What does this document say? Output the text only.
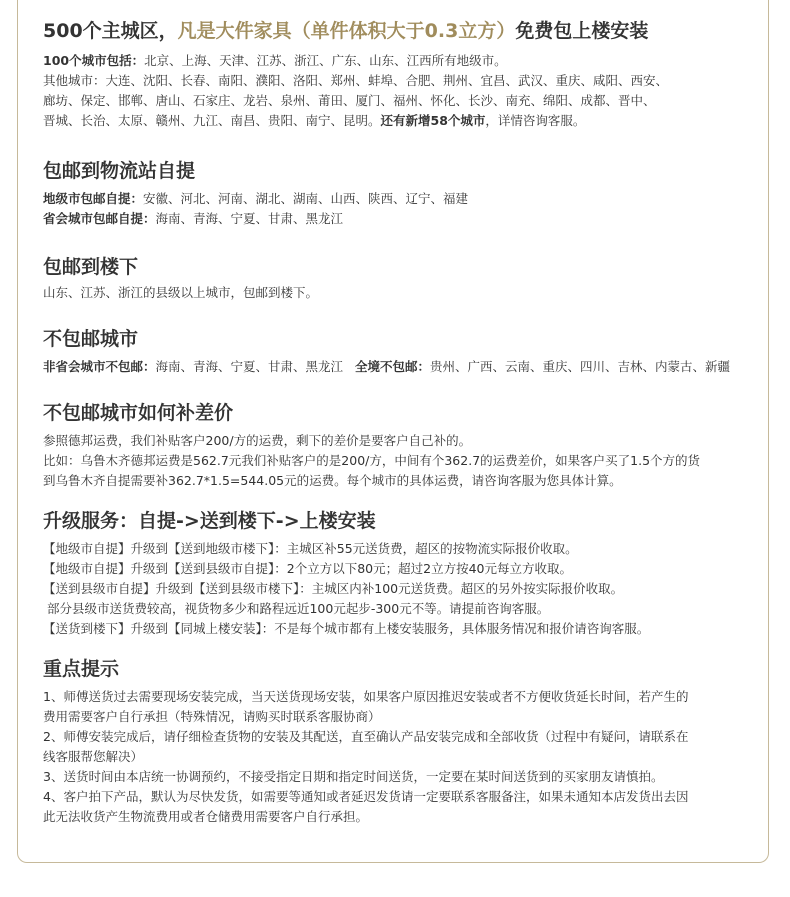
500个主城区，凡是大件家具（单件体积大于0.3立方）免费包上楼安装

100个城市包括：北京、上海、天津、江苏、浙江、广东、山东、江西所有地级市。

其他城市：大连、沈阳、长春、南阳、濮阳、洛阳、郑州、蚌埠、合肥、荆州、宜昌、武汉、重庆、咸阳、西安、

廊坊、保定、邯郸、唐山、石家庄、龙岩、泉州、莆田、厦门、福州、怀化、长沙、南充、绵阳、成都、晋中、

晋城、长治、太原、赣州、九江、南昌、贵阳、南宁、昆明。还有新增58个城市，详情咨询客服。

包邮到物流站自提

地级市包邮自提：安徽、河北、河南、湖北、湖南、山西、陕西、辽宁、福建

省会城市包邮自提：海南、青海、宁夏、甘肃、黑龙江

包邮到楼下

山东、江苏、浙江的县级以上城市，包邮到楼下。

不包邮城市

非省会城市不包邮：海南、青海、宁夏、甘肃、黑龙江 全境不包邮：贵州、广西、云南、重庆、四川、吉林、内蒙古、新疆

不包邮城市如何补差价

参照德邦运费，我们补贴客户200/方的运费，剩下的差价是要客户自己补的。

比如：乌鲁木齐德邦运费是562.7元我们补贴客户的是200/方，中间有个362.7的运费差价，如果客户买了1.5个方的货

到乌鲁木齐自提需要补362.7*1.5=544.05元的运费。每个城市的具体运费，请咨询客服为您具体计算。

升级服务：自提->送到楼下->上楼安装

【地级市自提】升级到【送到地级市楼下】：主城区补55元送货费，超区的按物流实际报价收取。

【地级市自提】升级到【送到县级市自提】：2个立方以下80元；超过2立方按40元每立方收取。

【送到县级市自提】升级到【送到县级市楼下】：主城区内补100元送货费。超区的另外按实际报价收取。

部分县级市送货费较高，视货物多少和路程远近100元起步-300元不等。请提前咨询客服。

【送货到楼下】升级到【同城上楼安装】：不是每个城市都有上楼安装服务，具体服务情况和报价请咨询客服。

重点提示

1、师傅送货过去需要现场安装完成，当天送货现场安装，如果客户原因推迟安装或者不方便收货延长时间，若产生的

费用需要客户自行承担（特殊情况，请购买时联系客服协商）

2、师傅安装完成后，请仔细检查货物的安装及其配送，直至确认产品安装完成和全部收货（过程中有疑问，请联系在

线客服帮您解决）

3、送货时间由本店统一协调预约，不接受指定日期和指定时间送货，一定要在某时间送货到的买家朋友请慎拍。

4、客户拍下产品，默认为尽快发货，如需要等通知或者延迟发货请一定要联系客服备注，如果未通知本店发货出去因

此无法收货产生物流费用或者仓储费用需要客户自行承担。
